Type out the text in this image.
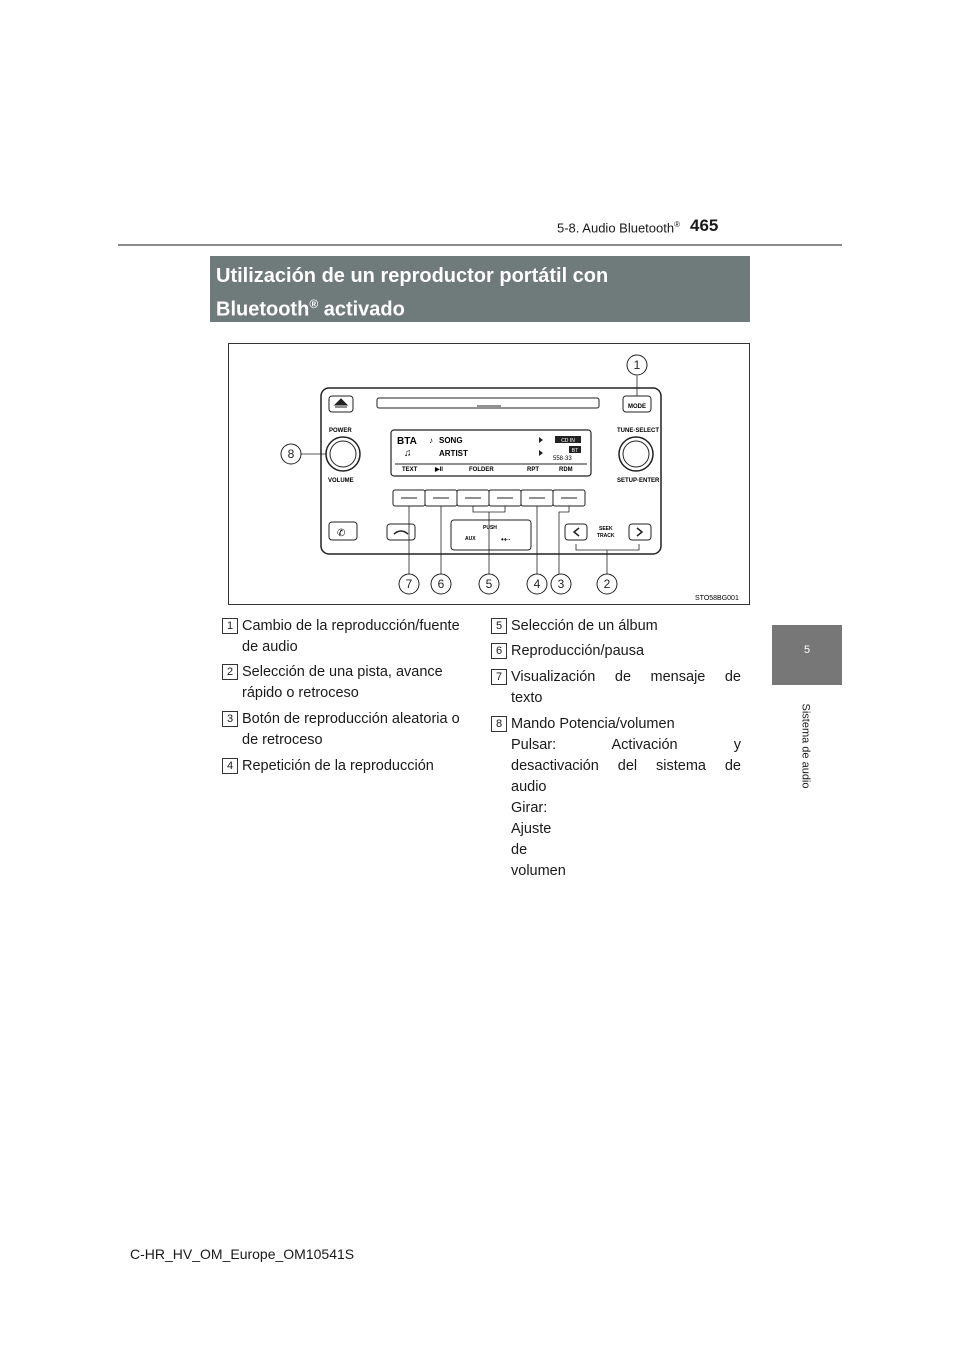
5-8. Audio Bluetooth® 465
5
Sistema de audio
Utilización de un reproductor portátil con
Bluetooth® activado
MODE
POWER
VOLUME
TUNE·SELECT
SETUP·ENTER
BTA ♪ SONG
♫	ARTIST
CD IN
BT
558·33
TEXT	▶II	FOLDER	RPT	RDM
✆	PUSH
AUX	•⇠
SEEK
TRACK
1
2
3
4
5
6
7
8
STO58BG001
1 Cambio de la reproducción/fuente
de audio
2 Selección de una pista, avance
rápido o retroceso
3 Botón de reproducción aleatoria o
de retroceso
4 Repetición de la reproducción
5 Selección de un álbum
6 Reproducción/pausa
7 Visualización de mensaje de
texto
8 Mando Potencia/volumen
Pulsar: Activación y
desactivación del sistema de
audio
Girar: Ajuste de volumen
C-HR_HV_OM_Europe_OM10541S
